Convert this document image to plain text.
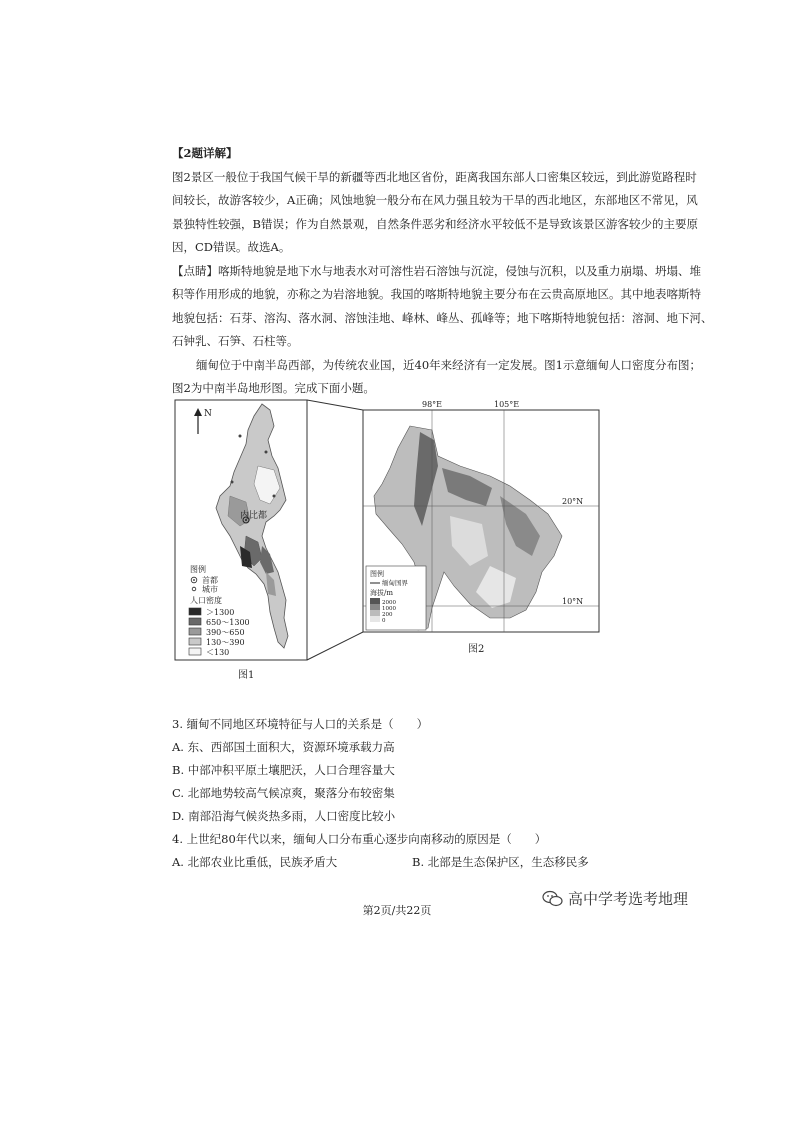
【2题详解】
图2景区一般位于我国气候干旱的新疆等西北地区省份，距离我国东部人口密集区较远，到此游览路程时
间较长，故游客较少，A正确；风蚀地貌一般分布在风力强且较为干旱的西北地区，东部地区不常见，风
景独特性较强，B错误；作为自然景观，自然条件恶劣和经济水平较低不是导致该景区游客较少的主要原
因，CD错误。故选A。
【点睛】喀斯特地貌是地下水与地表水对可溶性岩石溶蚀与沉淀，侵蚀与沉积，以及重力崩塌、坍塌、堆
积等作用形成的地貌，亦称之为岩溶地貌。我国的喀斯特地貌主要分布在云贵高原地区。其中地表喀斯特
地貌包括：石芽、溶沟、落水洞、溶蚀洼地、峰林、峰丛、孤峰等；地下喀斯特地貌包括：溶洞、地下河、
石钟乳、石笋、石柱等。
缅甸位于中南半岛西部，为传统农业国，近40年来经济有一定发展。图1示意缅甸人口密度分布图；
图2为中南半岛地形图。完成下面小题。
内比都
N
图例
首都
城市
人口密度
＞1300
650～1300
390～650
130～390
＜130
图1
98°E	105°E
20°N
10°N
图例
缅甸国界
海拔/m
2000
1000
200
0
图2
3. 缅甸不同地区环境特征与人口的关系是（　　）
A. 东、西部国土面积大，资源环境承载力高
B. 中部冲积平原土壤肥沃，人口合理容量大
C. 北部地势较高气候凉爽，聚落分布较密集
D. 南部沿海气候炎热多雨，人口密度比较小
4. 上世纪80年代以来，缅甸人口分布重心逐步向南移动的原因是（　　）
A. 北部农业比重低，民族矛盾大	B. 北部是生态保护区，生态移民多
第2页/共22页
高中学考选考地理
